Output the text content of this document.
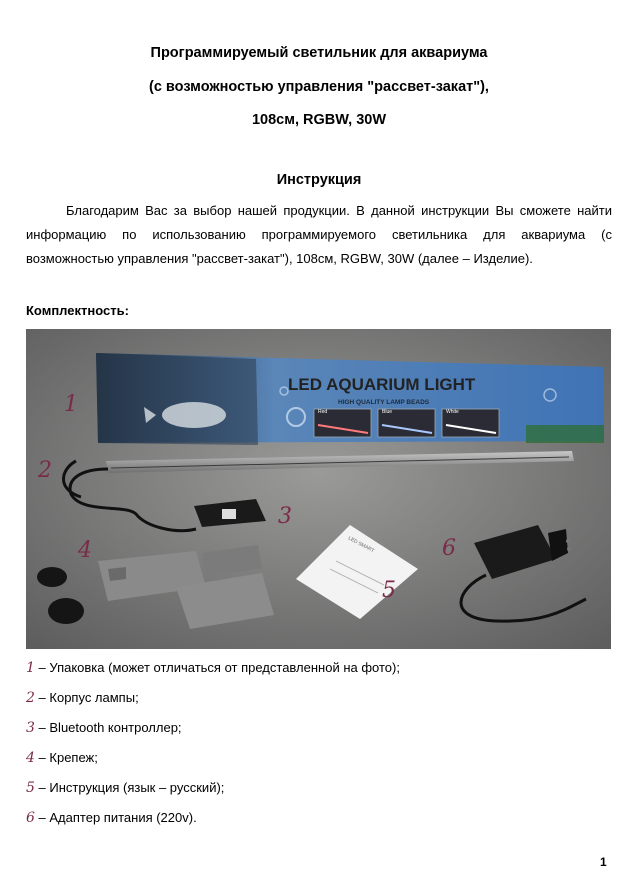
Программируемый светильник для аквариума
(с возможностью управления "рассвет-закат"),
108см, RGBW, 30W
Инструкция
Благодарим Вас за выбор нашей продукции. В данной инструкции Вы сможете найти информацию по использованию программируемого светильника для аквариума (с возможностью управления "рассвет-закат"), 108см, RGBW, 30W (далее – Изделие).
Комплектность:
LED AQUARIUM LIGHT
HIGH QUALITY LAMP BEADS
Red	Blue	White
LED SMART
1
2
3
4
5
6
1 – Упаковка (может отличаться от представленной на фото);
2 – Корпус лампы;
3 – Bluetooth контроллер;
4 – Крепеж;
5 – Инструкция (язык – русский);
6 – Адаптер питания (220v).
1
